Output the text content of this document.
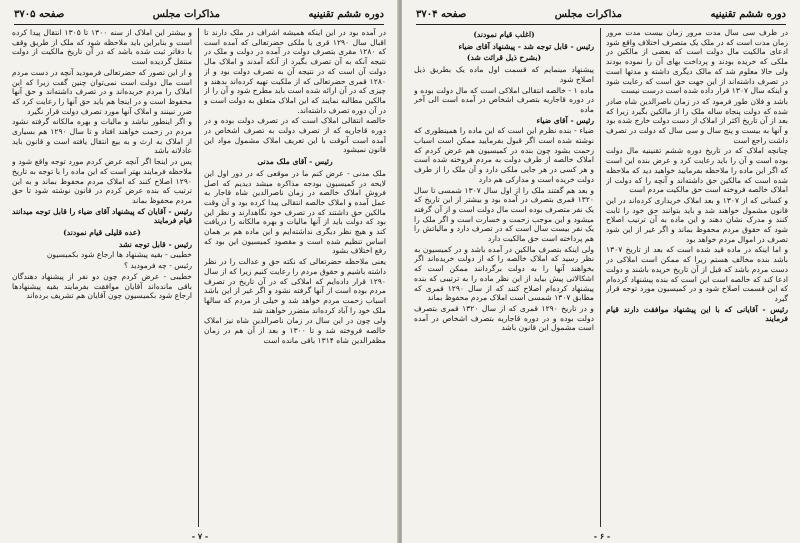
صفحه ۳۷۰۵	مذاکرات مجلس	دوره ششم تقنینیه

در آمده بود در این اینکه همیشه اشراف در ملک دارند تا اقبال سال ۱۲۹۰ قری یا ملکی حضرتعالی که آمده است که ۱۲۸۰ مقری بتصرف دولت در آمده در دولت و ملک در نتیجه آنکه به آن تصرف بگیرد از آنکه آمدند و املاک مال دولت آن است که در نتیجه آن به تصرف دولت بود و از ۱۲۸۰ قمری حضرتعالی که از ملکیت تهیه کرده‌اند بدهند و چیزی که در آن ارائه شده است باید مطرح شود و آن را از مالکین مطالبه نمایند که این املاک متعلق به دولت است و در آن دوره تصرف داشته‌اند.

خالصه انتقالی املاک است که در تصرف دولت بوده و در دوره قاجاریه که از تصرف دولت به تصرف اشخاص در آمده است آنوقت با این تعریف املاک مشمول مواد این قانون نمیشود

رئیس - آقای ملک مدنی

ملک مدنی - عرض کنم ما در موقعی که در دور اول این لایحه در کمیسیون بودجه مذاکره میشد دیدیم که اصل فروش املاک خالصه در زمان ناصرالدین شاه قاجار به عمل آمده و املاک خالصه انتقالی پیدا کرده بود و آن وقت مالکین حق داشتند که در تصرف خود نگاهدارند و نظر این بود که دولت باید از آنها مالیات و بهره مالکانه را دریافت کند و هیچ نظر دیگری نداشته‌ایم و این ماده هم بر همان اساس تنظیم شده است و مقصود کمیسیون این بود که رفع اختلاف بشود

یعنی ملاحظه حضرتعالی که نکته حق و عدالت را در نظر داشته باشیم و حقوق مردم را رعایت کنیم زیرا که از سال ۱۲۹۰ قرار داده‌ایم که املاکی که در آن تاریخ در تصرف مردم بوده است از آنها گرفته نشود و اگر غیر از این باشد اسباب زحمت مردم خواهد شد و خیلی از مردم که سالها ملک خود را آباد کرده‌اند متضرر خواهند شد

ولی چون در این سال در زمان ناصرالدین شاه نیز املاک خالصه فروخته شد و تا ۱۳۰۰ و بعد از آن هم در زمان مظفرالدین شاه ۱۳۱۴ باقی مانده است

و بیشتر این املاک از سنه ۱۳۰۰ تا ۱۳۰۵ انتقال پیدا کرده است و بنابراین باید ملاحظه شود که ملک از طریق وقف یا دفاتر ثبت شده باشد که در آن تاریخ مالکیت از دولت منتقل گردیده است

و از این تصور که حضرتعالی فرمودید آنچه در دست مردم است مال دولت است نمی‌توان چنین گفت زیرا که این املاک را مردم خریده‌اند و در تصرف داشته‌اند و حق آنها محفوظ است و در اینجا هم باید حق آنها را رعایت کرد که ضرر نبینند و املاک آنها مورد تصرف دولت قرار نگیرد

و اگر اینطور نباشد و مالیات و بهره مالکانه گرفته نشود مردم در زحمت خواهند افتاد و تا سال ۱۲۹۰ هم بسیاری از املاک به ارث و به بیع انتقال یافته است و قانون باید عادلانه باشد

پس در اینجا اگر آنچه عرض کردم مورد توجه واقع شود و ملاحظه فرمایند بهتر است که این ماده را با توجه به تاریخ ۱۲۹۰ اصلاح کنند که املاک مردم محفوظ بماند و به این ترتیب که بنده عرض کردم در قانون نوشته شود تا حق مردم محفوظ بماند

رئیس - آقایان که پیشنهاد آقای ضیاء را قابل توجه میدانند قیام فرمایند

(عده قلیلی قیام نمودند)

رئیس - قابل توجه نشد

خطیبی - بقیه پیشنهاد ها ارجاع شود بکمیسیون

رئیس - چه فرمودید ؟

خطیبی - عرض کردم چون دو نفر از پیشنهاد دهندگان باقی مانده‌اند آقایان موافقت بفرمایند بقیه پیشنهادها ارجاع شود بکمیسیون چون آقایان هم تشریف برده‌اند

- ۷ -
صفحه ۳۷۰۴	مذاکرات مجلس	دوره ششم تقنینیه

در ظرف سی سال مدت مرور زمان بیست مدت مرور زمان مدت است که در ملک یک متصرف اختلاف واقع شود ادعای مالکیت مال دولت است که بعضی از مالکین در ملکی که خریده بودند و پرداخت بهای آن را نموده بودند ولی حالا معلوم شد که مالک دیگری داشته و مدتها است در تصرف داشته‌اند از این جهت حق است که رعایت شود و اینکه سال ۱۳۰۷ قرار داده شده است درست نیست

باشد و فلان طور فرمود که در زمان ناصرالدین شاه صادر شده که دولت پنجاه ساله ملک را از مالکین بگیرد زیرا که بعد از آن تاریخ اکثر از املاک از دست دولت خارج شده بود و آنها به بیست و پنج سال و سی سال که دولت در تصرف داشت راجع است

چنانچه املاک که در تاریخ دوره ششم تقنینیه مال دولت بوده است و آن را باید رعایت کرد و عرض بنده این است که اگر این ماده را ملاحظه بفرمایید خواهید دید که ملاحظه شده است که مالکین حق داشته‌اند و آنچه را که دولت از املاک خالصه فروخته است حق مالکیت مردم است

و کسانی که از ۱۳۰۷ و بعد املاک خریداری کرده‌اند در این قانون مشمول خواهند شد و باید بتوانند حق خود را ثابت کنند و مدرک نشان دهند و این ماده به آن ترتیب اصلاح شود که حقوق مردم محفوظ بماند و اگر غیر از این شود تصرف در اموال مردم خواهد بود

و اما اینکه در ماده قید شده است که بعد از تاریخ ۱۳۰۷ باشد بنده مخالف هستم زیرا که ممکن است املاکی در دست مردم باشد که قبل از آن تاریخ خریده باشند و دولت ادعا کند که خالصه است این است که بنده پیشنهاد کرده‌ام که این قسمت اصلاح شود و در کمیسیون مورد توجه قرار گیرد

رئیس - آقایانی که با این پیشنهاد موافقت دارند قیام فرمایند

(اغلب قیام نمودند)

رئیس - قابل توجه شد - پیشنهاد آقای ضیاء

(بشرح ذیل قرائت شد)

پیشنهاد مینمایم که قسمت اول ماده یک بطریق ذیل اصلاح شود

ماده ۱ - خالصه انتقالی املاکی است که مال دولت بوده و در دوره قاجاریه بتصرف اشخاص در آمده است الی آخر ماده

رئیس - آقای ضیاء

ضیاء - بنده نظرم این است که این ماده را همینطوری که نوشته شده است اگر قبول بفرمایید ممکن است اسباب زحمت بشود چون بنده در کمیسیون هم عرض کردم که املاک خالصه از طرف دولت به مردم فروخته شده است و هر کسی در هر جایی ملکی دارد و آن ملک را از طرف دولت خریده است و مدارکی هم دارد

و بعد هم گفتند ملک را از اول سال ۱۳۰۷ شمسی تا سال ۱۳۲۰ قمری بتصرف در آمده بود و بیشتر از این تاریخ که یک نفر متصرف بوده است مال دولت است و از آن گرفته میشود و این موجب زحمت و خسارت است و اگر ملک را یک نفر بیست سال است که در تصرف دارد و مالیاتش را هم پرداخته است حق مالکیت دارد

ولی اینکه بتصرف مالکین در آمده باشد و در کمیسیون به نظر رسید که املاک خالصه را که از دولت خریده‌اند اگر بخواهند آنها را به دولت برگردانند ممکن است که اشکالاتی پیش بیاید از این نظر ماده را به ترتیبی که بنده پیشنهاد کرده‌ام اصلاح کنند که از سال ۱۲۹۰ قمری که مطابق ۱۳۰۷ شمسی است املاک مردم محفوظ بماند

و در تاریخ ۱۲۹۰ قمری که از سال ۱۳۲۰ قمری بتصرف دولت بوده و در دوره قاجاریه بتصرف اشخاص در آمده است مشمول این قانون باشد

- ۶ -
